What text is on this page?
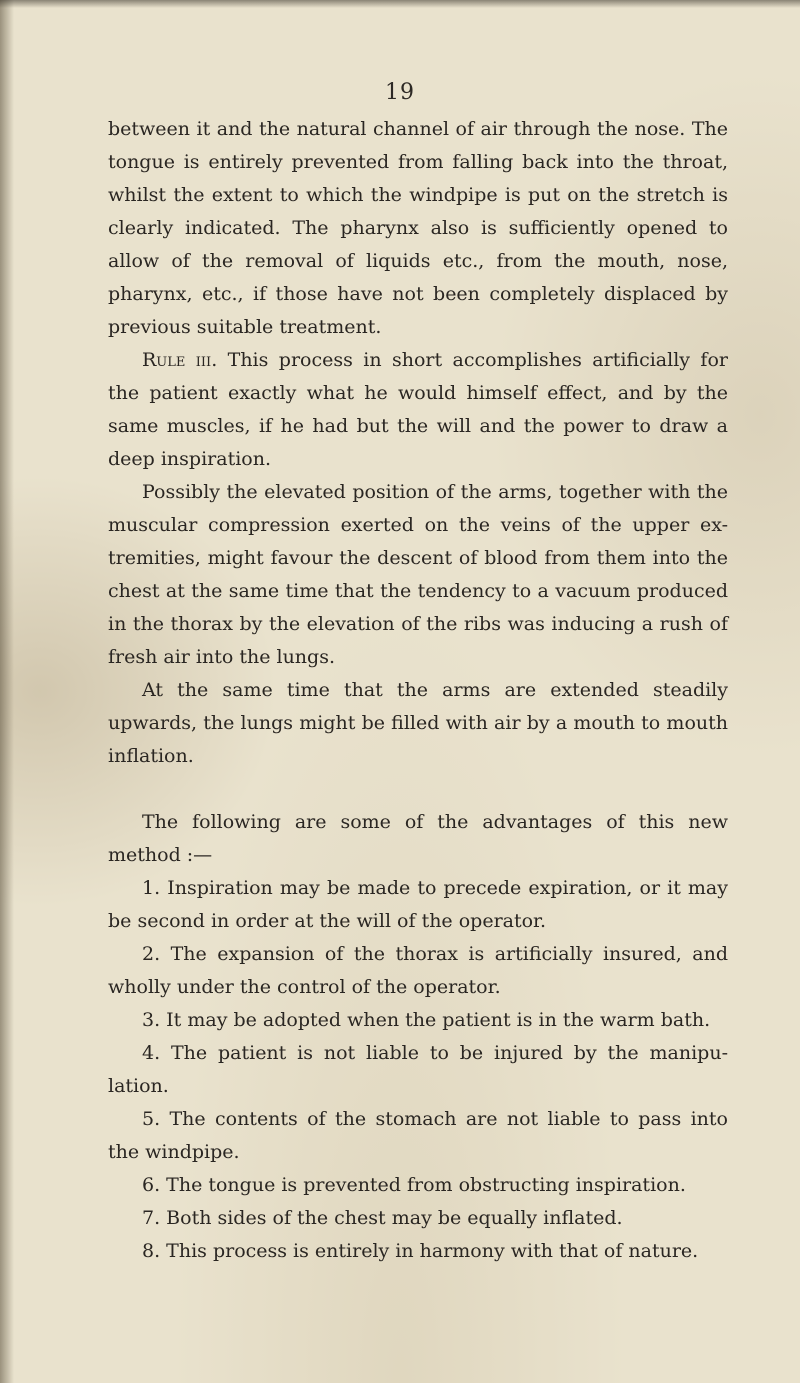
19

between it and the natural channel of air through the nose. The tongue is entirely prevented from falling back into the throat, whilst the extent to which the windpipe is put on the stretch is clearly indicated. The pharynx also is sufficiently opened to allow of the removal of liquids etc., from the mouth, nose, pharynx, etc., if those have not been completely displaced by previous suitable treatment.

Rule iii. This process in short accomplishes artificially for the patient exactly what he would himself effect, and by the same muscles, if he had but the will and the power to draw a deep inspiration.

Possibly the elevated position of the arms, together with the muscular compression exerted on the veins of the upper ex- tremities, might favour the descent of blood from them into the chest at the same time that the tendency to a vacuum produced in the thorax by the elevation of the ribs was inducing a rush of fresh air into the lungs.

At the same time that the arms are extended steadily upwards, the lungs might be filled with air by a mouth to mouth inflation.

The following are some of the advantages of this new method :—

1. Inspiration may be made to precede expiration, or it may be second in order at the will of the operator.

2. The expansion of the thorax is artificially insured, and wholly under the control of the operator.

3. It may be adopted when the patient is in the warm bath.

4. The patient is not liable to be injured by the manipu- lation.

5. The contents of the stomach are not liable to pass into the windpipe.

6. The tongue is prevented from obstructing inspiration.

7. Both sides of the chest may be equally inflated.

8. This process is entirely in harmony with that of nature.
